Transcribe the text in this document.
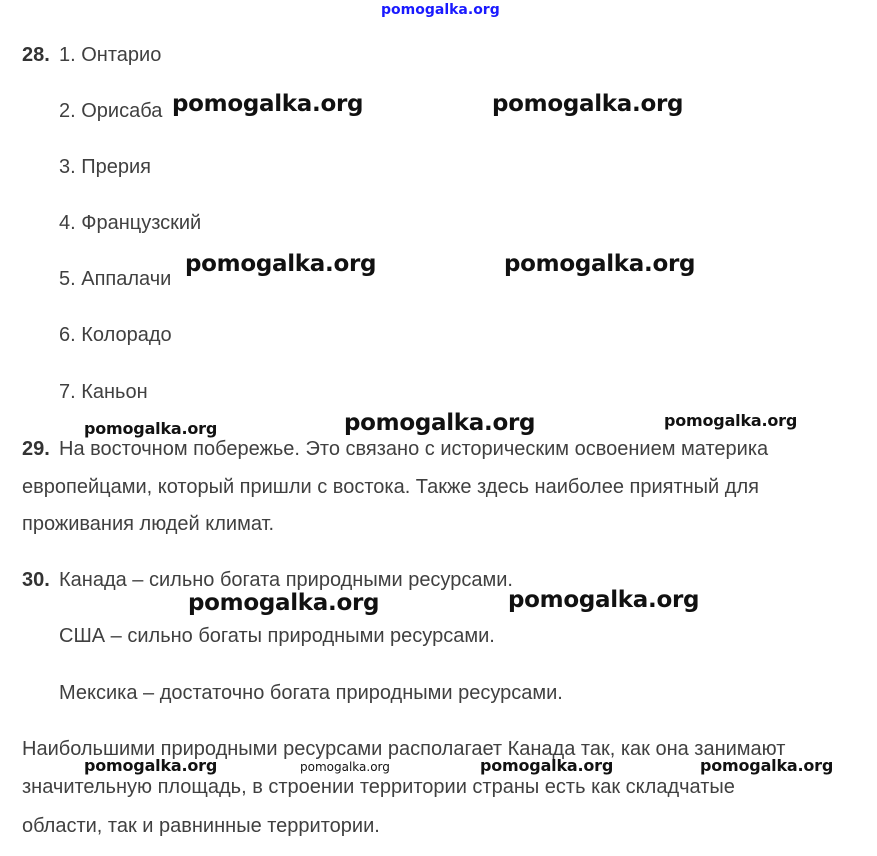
pomogalka.org
28. 1. Онтарио
2. Орисаба
3. Прерия
4. Французский
5. Аппалачи
6. Колорадо
7. Каньон
29. На восточном побережье. Это связано с историческим освоением материка
европейцами, который пришли с востока. Также здесь наиболее приятный для
проживания людей климат.
30. Канада – сильно богата природными ресурсами.
США – сильно богаты природными ресурсами.
Мексика – достаточно богата природными ресурсами.
Наибольшими природными ресурсами располагает Канада так, как она занимают
значительную площадь, в строении территории страны есть как складчатые
области, так и равнинные территории.
pomogalka.org	pomogalka.org
pomogalka.org	pomogalka.org
pomogalka.org	pomogalka.org	pomogalka.org
pomogalka.org	pomogalka.org
pomogalka.org	pomogalka.org	pomogalka.org	pomogalka.org
